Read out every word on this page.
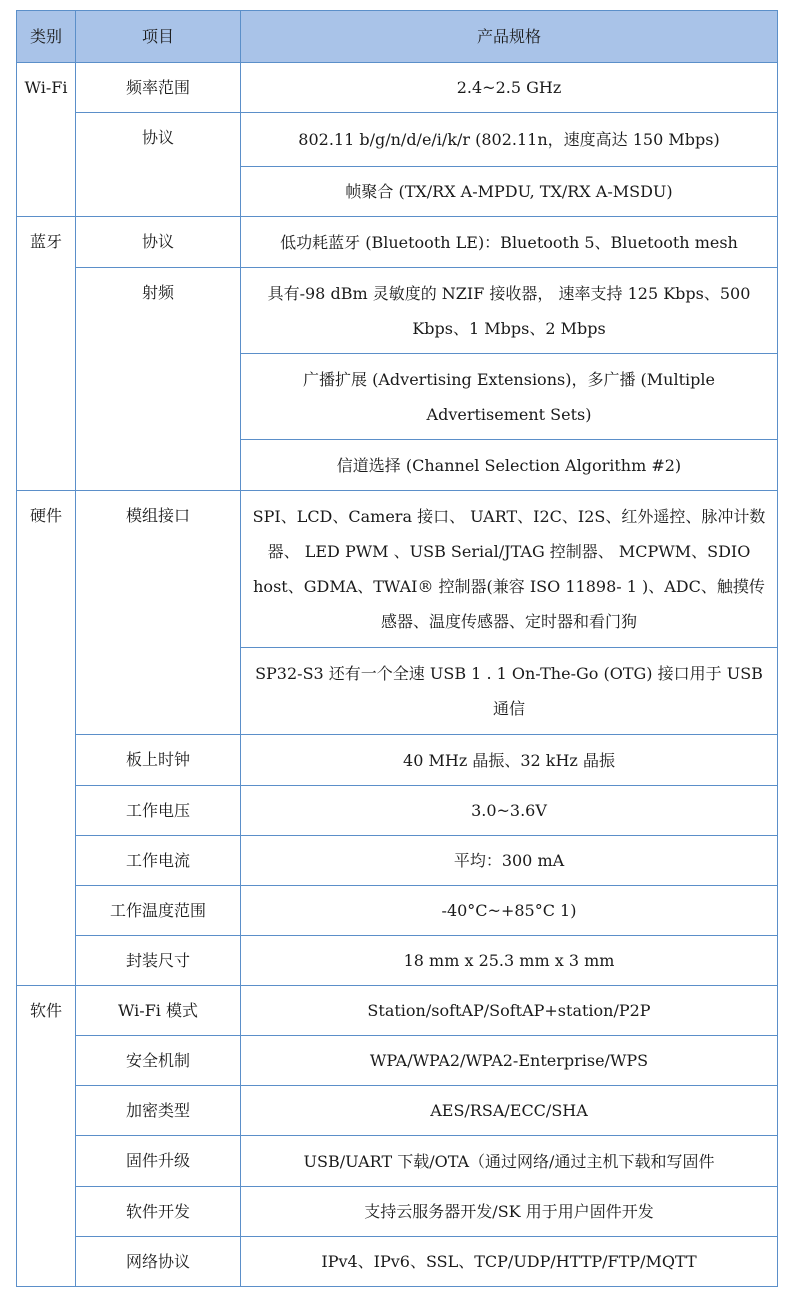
类别	项目	产品规格
Wi-Fi	频率范围	2.4~2.5 GHz
	协议	802.11 b/g/n/d/e/i/k/r (802.11n，速度高达 150 Mbps)
		帧聚合 (TX/RX A-MPDU, TX/RX A-MSDU)
蓝牙	协议	低功耗蓝牙 (Bluetooth LE)：Bluetooth 5、Bluetooth mesh
	射频	具有-98 dBm 灵敏度的 NZIF 接收器， 速率支持 125 Kbps、500 Kbps、1 Mbps、2 Mbps
		广播扩展 (Advertising Extensions)，多广播 (Multiple Advertisement Sets)
		信道选择 (Channel Selection Algorithm #2)
硬件	模组接口	SPI、LCD、Camera 接口、 UART、I2C、I2S、红外遥控、脉冲计数 器、 LED PWM 、USB Serial/JTAG 控制器、 MCPWM、SDIO host、GDMA、TWAI® 控制器(兼容 ISO 11898- 1 )、ADC、触摸传感器、温度传感器、定时器和看门狗
		SP32-S3 还有一个全速 USB 1 . 1 On-The-Go (OTG) 接口用于 USB 通信
	板上时钟	40 MHz 晶振、32 kHz 晶振
	工作电压	3.0~3.6V
	工作电流	平均：300 mA
	工作温度范围	-40°C~+85°C 1)
	封装尺寸	18 mm x 25.3 mm x 3 mm
软件	Wi-Fi 模式	Station/softAP/SoftAP+station/P2P
	安全机制	WPA/WPA2/WPA2-Enterprise/WPS
	加密类型	AES/RSA/ECC/SHA
	固件升级	USB/UART 下载/OTA（通过网络/通过主机下载和写固件
	软件开发	支持云服务器开发/SK 用于用户固件开发
	网络协议	IPv4、IPv6、SSL、TCP/UDP/HTTP/FTP/MQTT
